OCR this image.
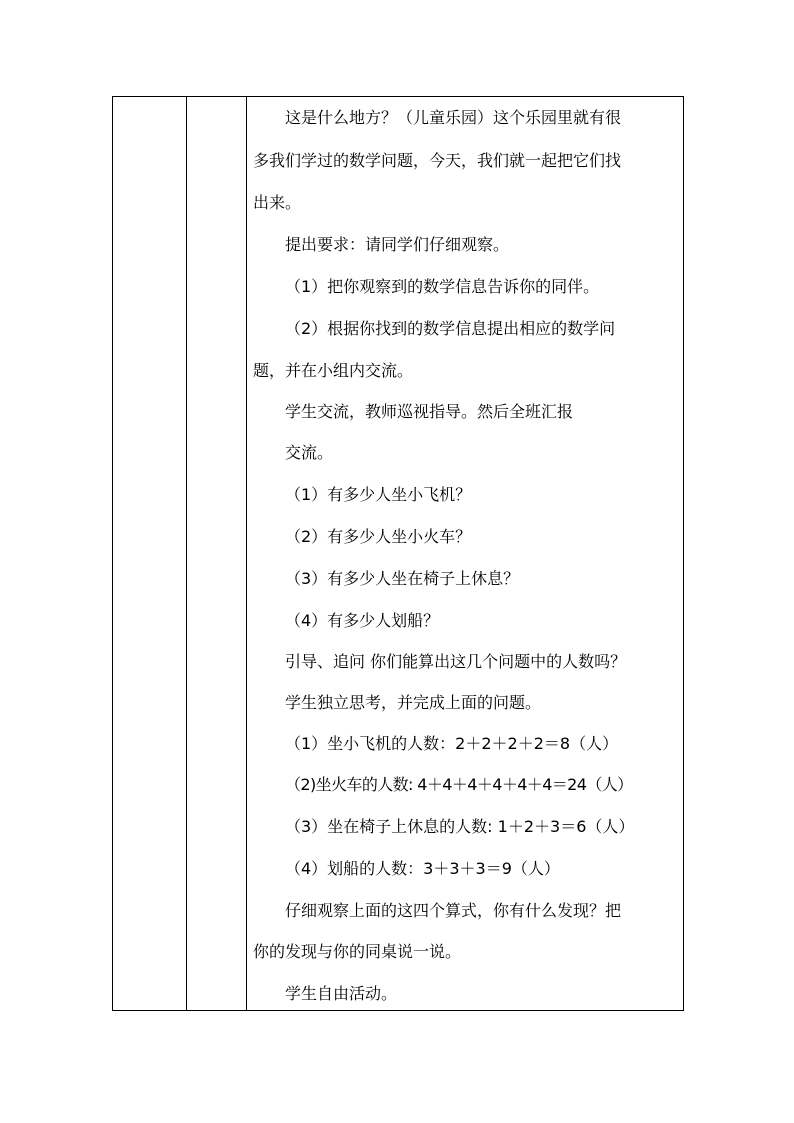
这是什么地方？（儿童乐园）这个乐园里就有很
多我们学过的数学问题，今天，我们就一起把它们找
出来。
提出要求：请同学们仔细观察。
（1）把你观察到的数学信息告诉你的同伴。
（2）根据你找到的数学信息提出相应的数学问
题，并在小组内交流。
学生交流，教师巡视指导。然后全班汇报
交流。
（1）有多少人坐小飞机？
（2）有多少人坐小火车？
（3）有多少人坐在椅子上休息？
（4）有多少人划船？
引导、追问 你们能算出这几个问题中的人数吗？
学生独立思考，并完成上面的问题。
（1）坐小飞机的人数：2＋2＋2＋2＝8（人）
（2)坐火车的人数: 4＋4＋4＋4＋4＋4＝24（人）
（3）坐在椅子上休息的人数: 1＋2＋3＝6（人）
（4）划船的人数：3＋3＋3＝9（人）
仔细观察上面的这四个算式，你有什么发现？把
你的发现与你的同桌说一说。
学生自由活动。
